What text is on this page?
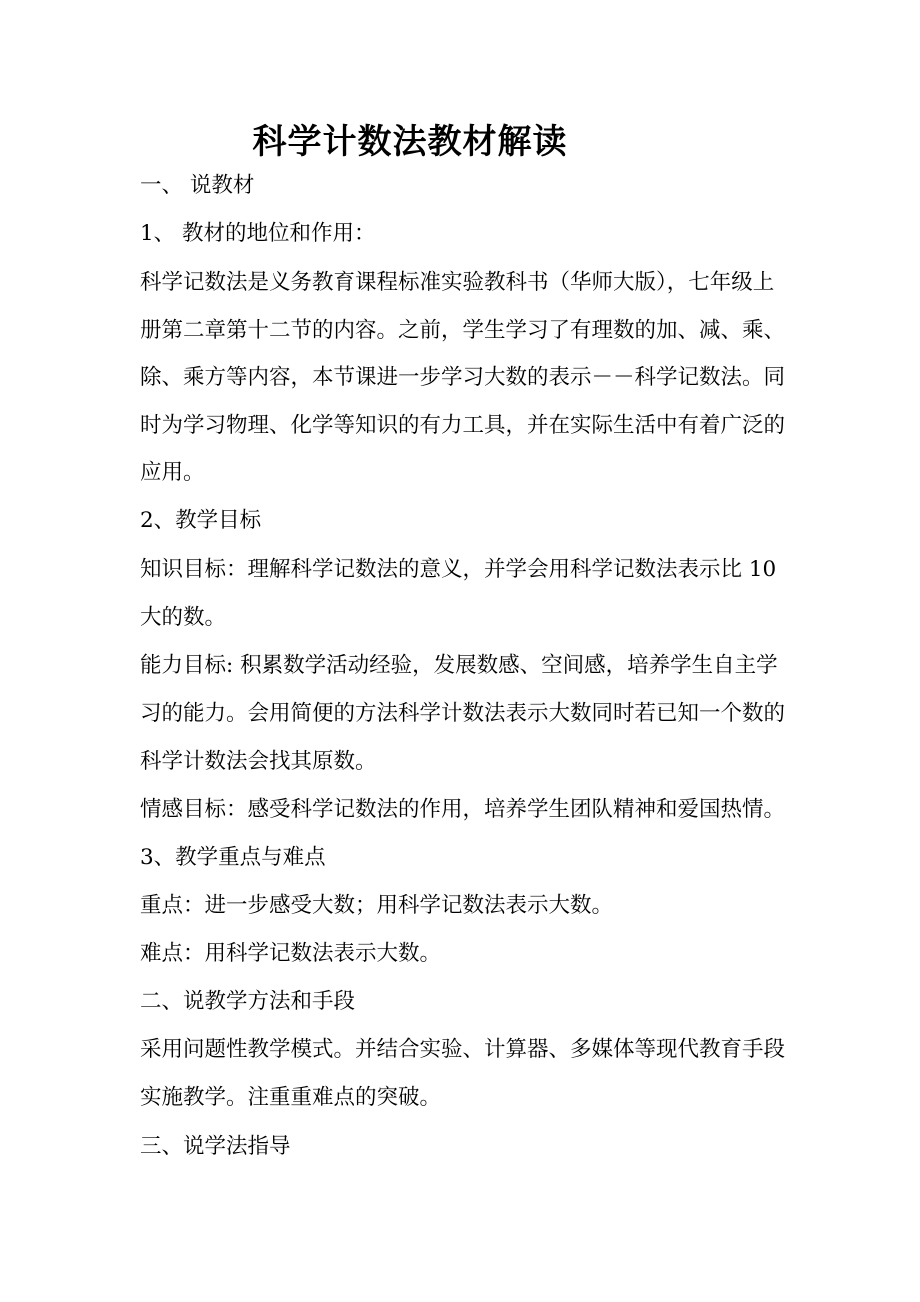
科学计数法教材解读
一、 说教材
1、 教材的地位和作用：
科学记数法是义务教育课程标准实验教科书（华师大版），七年级上
册第二章第十二节的内容。之前，学生学习了有理数的加、减、乘、
除、乘方等内容，本节课进一步学习大数的表示－－科学记数法。同
时为学习物理、化学等知识的有力工具，并在实际生活中有着广泛的
应用。
2、教学目标
知识目标：理解科学记数法的意义，并学会用科学记数法表示比 10
大的数。
能力目标: 积累数学活动经验，发展数感、空间感，培养学生自主学
习的能力。会用简便的方法科学计数法表示大数同时若已知一个数的
科学计数法会找其原数。
情感目标：感受科学记数法的作用，培养学生团队精神和爱国热情。
3、教学重点与难点
重点：进一步感受大数；用科学记数法表示大数。
难点：用科学记数法表示大数。
二、说教学方法和手段
采用问题性教学模式。并结合实验、计算器、多媒体等现代教育手段
实施教学。注重重难点的突破。
三、说学法指导
